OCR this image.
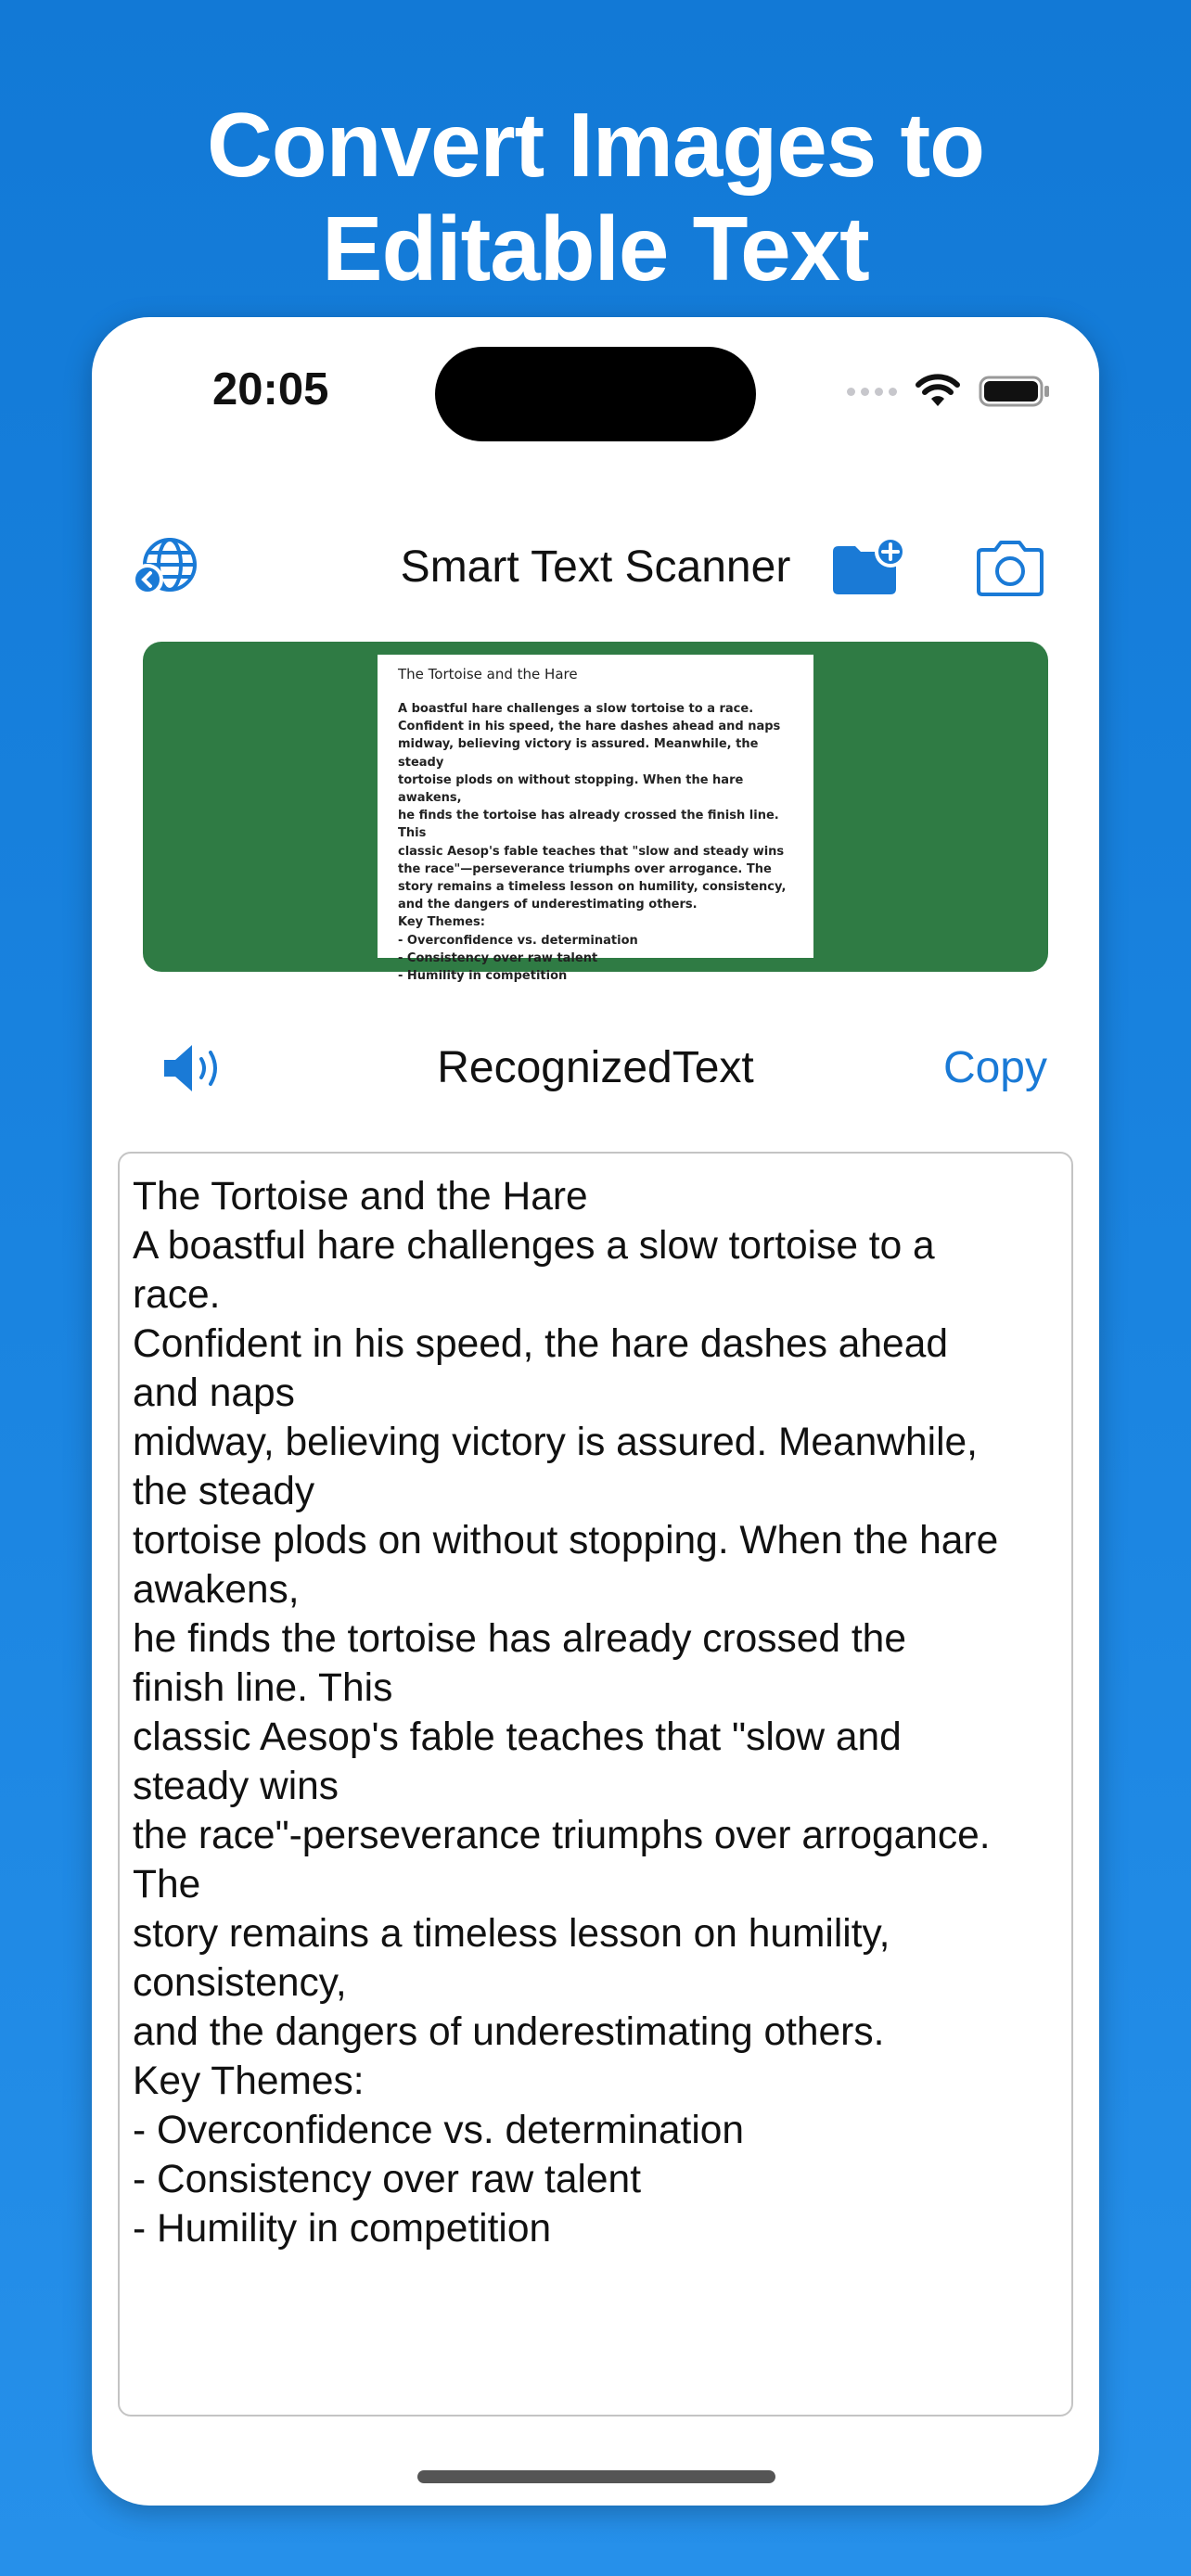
Convert Images to
Editable Text
20:05
Smart Text Scanner
The Tortoise and the Hare
A boastful hare challenges a slow tortoise to a race.
Confident in his speed, the hare dashes ahead and naps
midway, believing victory is assured. Meanwhile, the steady
tortoise plods on without stopping. When the hare awakens,
he finds the tortoise has already crossed the finish line. This
classic Aesop's fable teaches that "slow and steady wins
the race"—perseverance triumphs over arrogance. The
story remains a timeless lesson on humility, consistency,
and the dangers of underestimating others.
Key Themes:
- Overconfidence vs. determination
- Consistency over raw talent
- Humility in competition
RecognizedText	Copy
The Tortoise and the Hare
A boastful hare challenges a slow tortoise to a
race.
Confident in his speed, the hare dashes ahead
and naps
midway, believing victory is assured. Meanwhile,
the steady
tortoise plods on without stopping. When the hare
awakens,
he finds the tortoise has already crossed the
finish line. This
classic Aesop's fable teaches that "slow and
steady wins
the race"-perseverance triumphs over arrogance.
The
story remains a timeless lesson on humility,
consistency,
and the dangers of underestimating others.
Key Themes:
- Overconfidence vs. determination
- Consistency over raw talent
- Humility in competition
